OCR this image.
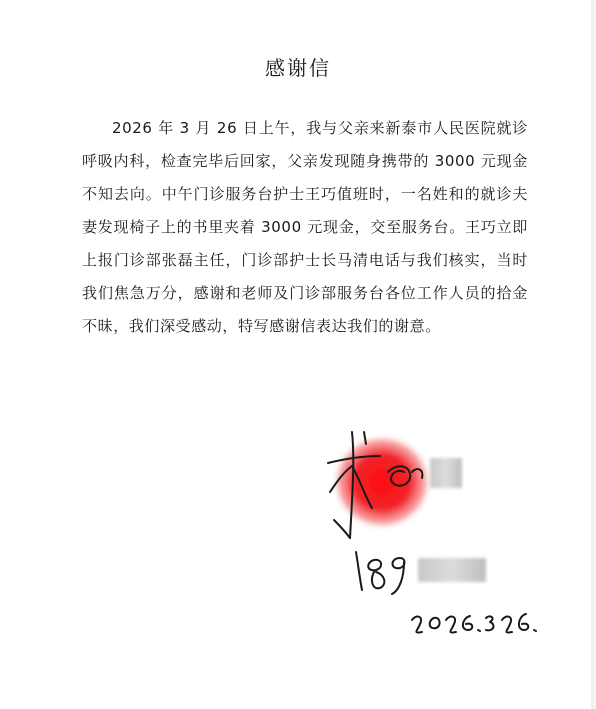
感谢信
2026 年 3 月 26 日上午，我与父亲来新泰市人民医院就诊呼吸内科，检查完毕后回家，父亲发现随身携带的 3000 元现金不知去向。中午门诊服务台护士王巧值班时，一名姓和的就诊夫妻发现椅子上的书里夹着 3000 元现金，交至服务台。王巧立即上报门诊部张磊主任，门诊部护士长马清电话与我们核实，当时我们焦急万分，感谢和老师及门诊部服务台各位工作人员的拾金不昧，我们深受感动，特写感谢信表达我们的谢意。
